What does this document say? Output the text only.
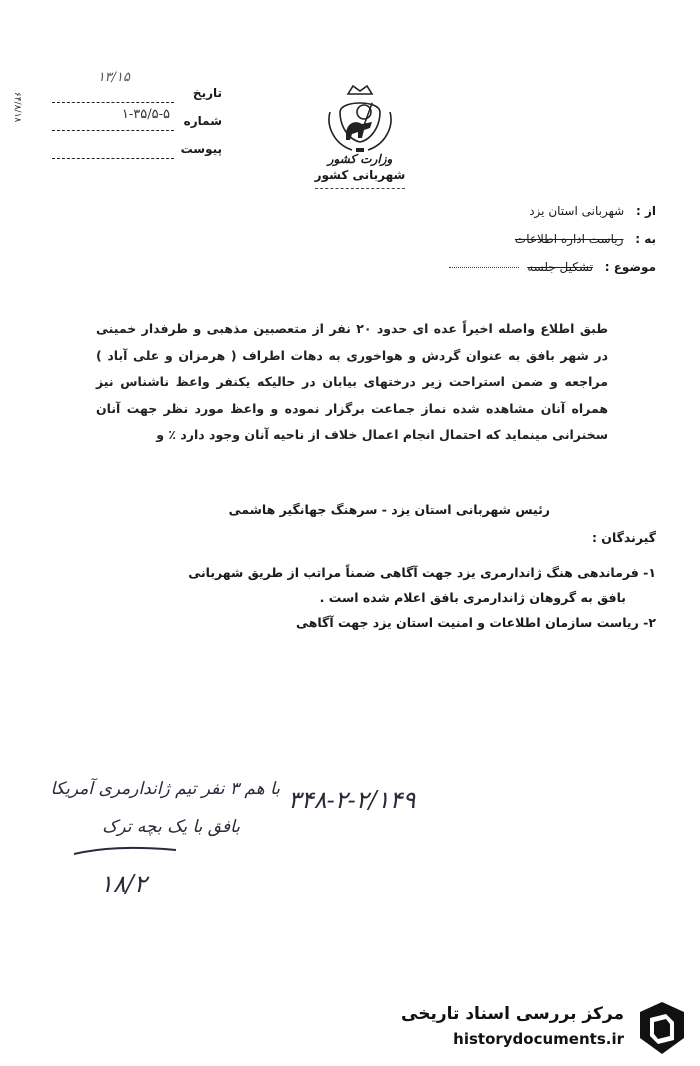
۶۴/۸/۱۸	تاریخ
۱۳/۱۵
شماره
۱-۳۵/۵-۵
پیوست
وزارت کشور
شهربانی کشور
از : شهربانی استان یزد
به : ریاست اداره اطلاعات
موضوع : تشکیل جلسه
طبق اطلاع واصله اخیراً عده ای حدود ۲۰ نفر از متعصبین مذهبی و طرفدار خمینی در شهر بافق به عنوان گردش و هواخوری به دهات اطراف ( هرمزان و علی آباد ) مراجعه و ضمن استراحت زیر درختهای بیابان در حالیکه یکنفر واعظ ناشناس نیز همراه آنان مشاهده شده نماز جماعت برگزار نموده و واعظ مورد نظر جهت آنان سخنرانی مینماید که احتمال انجام اعمال خلاف از ناحیه آنان وجود دارد ٪ و
رئیس شهربانی استان یزد - سرهنگ جهانگیر هاشمی
گیرندگان :
۱- فرماندهی هنگ ژاندارمری یزد جهت آگاهی ضمناً مراتب از طریق شهربانی
بافق به گروهان ژاندارمری بافق اعلام شده است .
۲- ریاست سازمان اطلاعات و امنیت استان یزد جهت آگاهی
با هم ۳ نفر تیم ژاندارمری آمریکا
بافق با یک بچه ترک
۱۸/۲
۳۴۸-۲-۲/۱۴۹
مرکز بررسی اسناد تاریخی
historydocuments.ir
